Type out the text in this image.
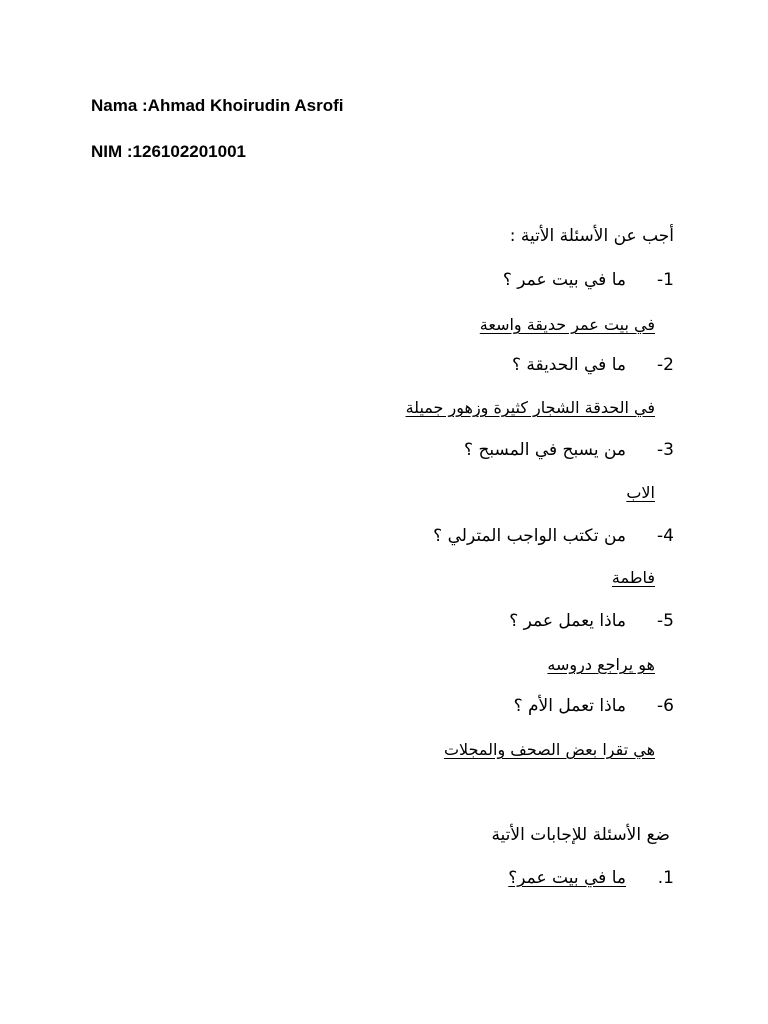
Nama :Ahmad Khoirudin Asrofi
NIM :126102201001
أجب عن الأسئلة الأتية :
-1ما في بيت عمر ؟
في بيت عمر حديقة واسعة
-2ما في الحديقة ؟
في الحدقة الشجار كثيرة وزهور جميلة
-3من يسبح في المسبح ؟
الاب
-4من تكتب الواجب المترلي ؟
فاطمة
-5ماذا يعمل عمر ؟
هو يراجع دروسه
-6ماذا تعمل الأم ؟
هي تقرا بعض الصحف والمجلات
ضع الأسئلة للإجابات الأتية
.1ما في بيت عمر؟
